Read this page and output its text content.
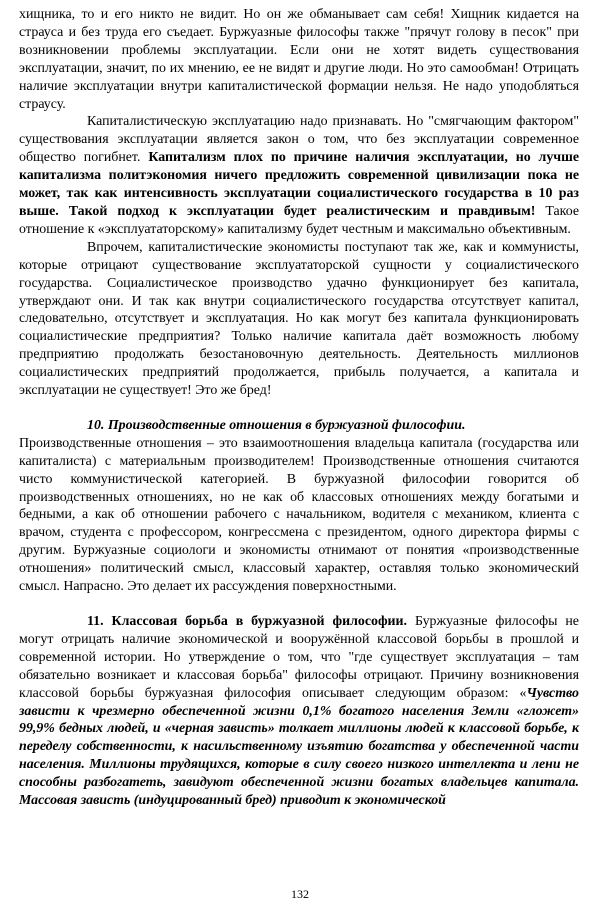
хищника, то и его никто не видит. Но он же обманывает сам себя! Хищник кидается на страуса и без труда его съедает. Буржуазные философы также "прячут голову в песок" при возникновении проблемы эксплуатации. Если они не хотят видеть существования эксплуатации, значит, по их мнению, ее не видят и другие люди. Но это самообман! Отрицать наличие эксплуатации внутри капиталистической формации нельзя. Не надо уподобляться страусу.

Капиталистическую эксплуатацию надо признавать. Но "смягчающим фактором" существования эксплуатации является закон о том, что без эксплуатации современное общество погибнет. Капитализм плох по причине наличия эксплуатации, но лучше капитализма политэкономия ничего предложить современной цивилизации пока не может, так как интенсивность эксплуатации социалистического государства в 10 раз выше. Такой подход к эксплуатации будет реалистическим и правдивым! Такое отношение к «эксплуататорскому» капитализму будет честным и максимально объективным.

Впрочем, капиталистические экономисты поступают так же, как и коммунисты, которые отрицают существование эксплуататорской сущности у социалистического государства. Социалистическое производство удачно функционирует без капитала, утверждают они. И так как внутри социалистического государства отсутствует капитал, следовательно, отсутствует и эксплуатация. Но как могут без капитала функционировать социалистические предприятия? Только наличие капитала даёт возможность любому предприятию продолжать безостановочную деятельность. Деятельность миллионов социалистических предприятий продолжается, прибыль получается, а капитала и эксплуатации не существует! Это же бред!

10. Производственные отношения в буржуазной философии.

Производственные отношения – это взаимоотношения владельца капитала (государства или капиталиста) с материальным производителем! Производственные отношения считаются чисто коммунистической категорией. В буржуазной философии говорится об производственных отношениях, но не как об классовых отношениях между богатыми и бедными, а как об отношении рабочего с начальником, водителя с механиком, клиента с врачом, студента с профессором, конгрессмена с президентом, одного директора фирмы с другим. Буржуазные социологи и экономисты отнимают от понятия «производственные отношения» политический смысл, классовый характер, оставляя только экономический смысл. Напрасно. Это делает их рассуждения поверхностными.

11. Классовая борьба в буржуазной философии. Буржуазные философы не могут отрицать наличие экономической и вооружённой классовой борьбы в прошлой и современной истории. Но утверждение о том, что "где существует эксплуатация – там обязательно возникает и классовая борьба" философы отрицают. Причину возникновения классовой борьбы буржуазная философия описывает следующим образом: «Чувство зависти к чрезмерно обеспеченной жизни 0,1% богатого населения Земли «гложет» 99,9% бедных людей, и «черная зависть» толкает миллионы людей к классовой борьбе, к переделу собственности, к насильственному изъятию богатства у обеспеченной части населения. Миллионы трудящихся, которые в силу своего низкого интеллекта и лени не способны разбогатеть, завидуют обеспеченной жизни богатых владельцев капитала. Массовая зависть (индуцированный бред) приводит к экономической

132
